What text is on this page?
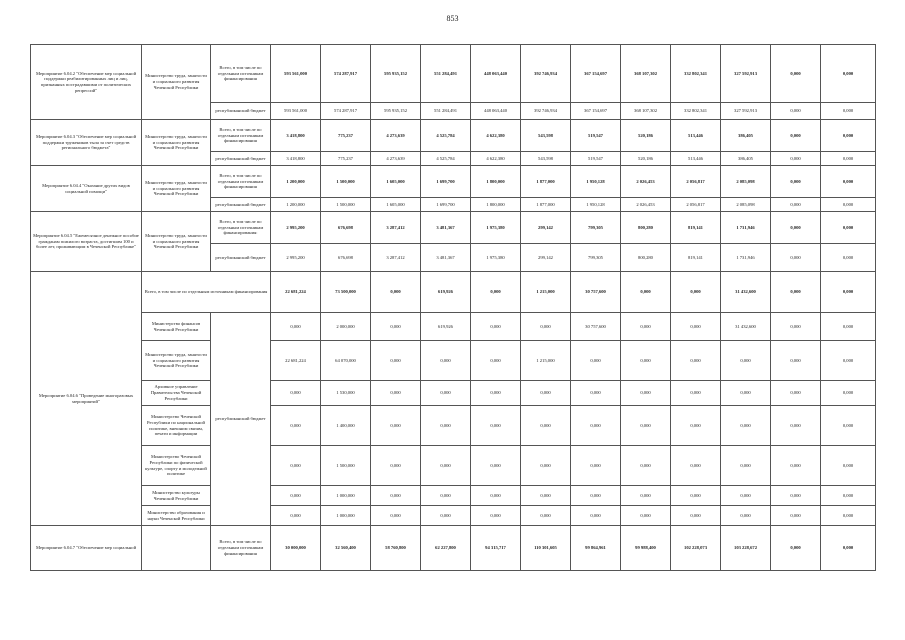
853
Мероприятие 6.04.2 "Обеспечение мер социальной поддержки реабилитированных лиц и лиц, признанных пострадавшими от политических репрессий"	Министерство труда, занятости и социального развития Чеченской Республики	Всего, в том числе по отдельным источникам финансирования	593 561,000	574 287,917	595 935,152	551 284,491	448 063,440	392 746,934	367 154,697	368 107,302	332 802,341	327 592,913	0,000	0,000
		республиканский бюджет	593 561,000	574 287,917	595 935,152	551 284,491	448 063,440	392 746,934	367 154,697	368 107,302	332 802,341	327 592,913	0,000	0,000
Мероприятие 6.04.3 "Обеспечение мер социальной поддержки тружеников тыла за счет средств регионального бюджета"	Министерство труда, занятости и социального развития Чеченской Республики	Всего, в том числе по отдельным источникам финансирования	3 418,800	775,237	4 273,639	4 525,784	4 622,380	543,598	519,547	520,186	513,446	386,405	0,000	0,000
		республиканский бюджет	3 418,800	775,237	4 273,639	4 525,784	4 622,380	543,598	519,547	520,186	513,446	386,405	0,000	0,000
Мероприятие 6.04.4 "Оказание других видов социальной помощи"	Министерство труда, занятости и социального развития Чеченской Республики	Всего, в том числе по отдельным источникам финансирования	1 200,000	1 500,000	1 605,000	1 699,700	1 800,000	1 877,000	1 950,128	2 026,453	2 056,817	2 085,098	0,000	0,000
		республиканский бюджет	1 200,000	1 500,000	1 605,000	1 699,700	1 800,000	1 877,000	1 950,128	2 026,453	2 056,817	2 085,098	0,000	0,000
Мероприятие 6.04.5 "Ежемесячное денежное пособие гражданам пожилого возраста, достигшим 100 и более лет, проживающим в Чеченской Республике"	Министерство труда, занятости и социального развития Чеченской Республики	Всего, в том числе по отдельным источникам финансирования:	2 995,200	676,698	3 287,412	3 481,367	1 975,380	299,142	799,305	800,280	819,141	1 731,946	0,000	0,000
		республиканский бюджет	2 995,200	676,698	3 287,412	3 481,367	1 975,380	299,142	799,305	800,280	819,141	1 731,946	0,000	0,000
Мероприятие 6.04.6 "Проведение многоразовых мероприятий"	Всего, в том числе по отдельным источникам финансирования		22 681,224	73 500,000	0,000	619,926	0,000	1 215,000	30 757,600	0,000	0,000	31 432,600	0,000	0,000
	Министерство финансов Чеченской Республики	республиканский бюджет	0,000	2 000,000	0,000	619,926	0,000	0,000	30 757,600	0,000	0,000	31 432,600	0,000	0,000
	Министерство труда, занятости и социального развития Чеченской Республики		22 681,224	64 070,000	0,000	0,000	0,000	1 215,000	0,000	0,000	0,000	0,000	0,000	0,000
	Архивное управление Правительства Чеченской Республики		0,000	1 530,000	0,000	0,000	0,000	0,000	0,000	0,000	0,000	0,000	0,000	0,000
	Министерство Чеченской Республики по национальной политике, внешним связям, печати и информации		0,000	1 400,000	0,000	0,000	0,000	0,000	0,000	0,000	0,000	0,000	0,000	0,000
	Министерство Чеченской Республики по физической культуре, спорту и молодежной политике		0,000	1 500,000	0,000	0,000	0,000	0,000	0,000	0,000	0,000	0,000	0,000	0,000
	Министерство культуры Чеченской Республики		0,000	1 000,000	0,000	0,000	0,000	0,000	0,000	0,000	0,000	0,000	0,000	0,000
	Министерство образования и науки Чеченской Республики		0,000	1 000,000	0,000	0,000	0,000	0,000	0,000	0,000	0,000	0,000	0,000	0,000
Мероприятие 6.04.7 "Обеспечение мер социальной		Всего, в том числе по отдельным источникам финансирования	30 000,000	32 560,400	58 760,800	62 227,800	94 315,717	110 301,605	99 864,961	99 988,400	102 228,073	103 228,672	0,000	0,000
